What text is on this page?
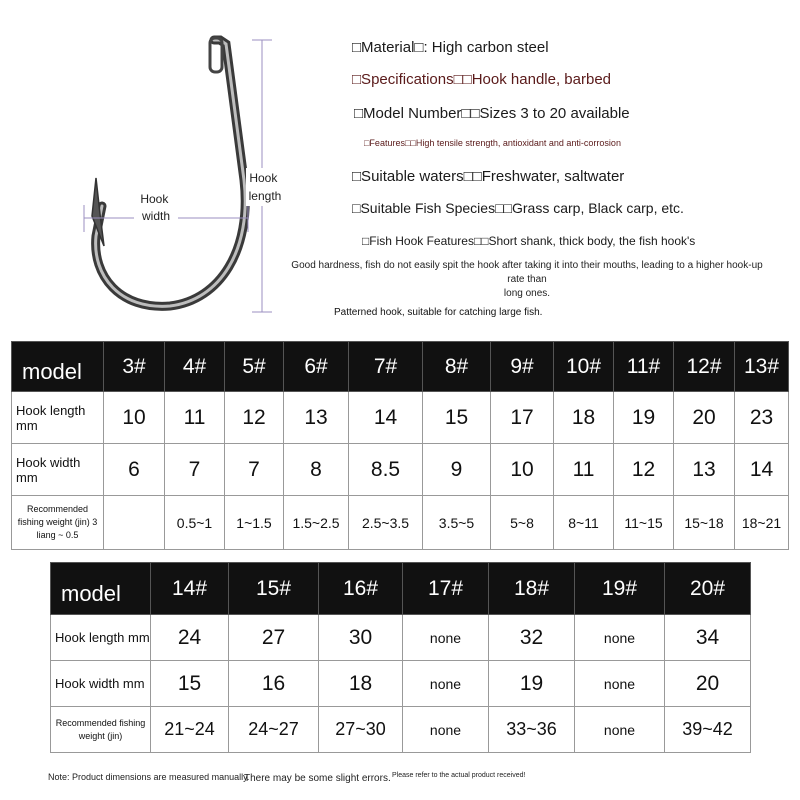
Hook width
Hook length
□Material□: High carbon steel
□Specifications□□Hook handle, barbed
□Model Number□□Sizes 3 to 20 available
□Features□□High tensile strength, antioxidant and anti-corrosion
□Suitable waters□□Freshwater, saltwater
□Suitable Fish Species□□Grass carp, Black carp, etc.
□Fish Hook Features□□Short shank, thick body, the fish hook's
Good hardness, fish do not easily spit the hook after taking it into their mouths, leading to a higher hook-up rate than
long ones.
Patterned hook, suitable for catching large fish.
model	3#	4#	5#	6#	7#	8#	9#	10#	11#	12#	13#
Hook length mm	10	11	12	13	14	15	17	18	19	20	23
Hook width mm	6	7	7	8	8.5	9	10	11	12	13	14
Recommended fishing weight (jin) 3 liang ~ 0.5		0.5~1	1~1.5	1.5~2.5	2.5~3.5	3.5~5	5~8	8~11	11~15	15~18	18~21
model	14#	15#	16#	17#	18#	19#	20#
Hook length mm	24	27	30	none	32	none	34
Hook width mm	15	16	18	none	19	none	20
Recommended fishing weight (jin)	21~24	24~27	27~30	none	33~36	none	39~42
Note: Product dimensions are measured manually.
There may be some slight errors. Please refer to the actual product received!
